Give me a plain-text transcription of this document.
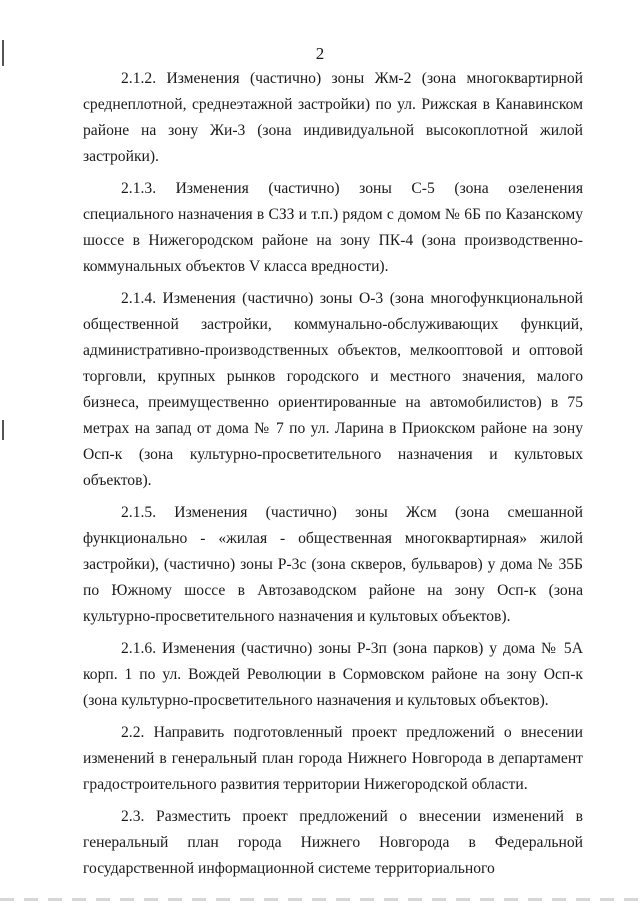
2

2.1.2. Изменения (частично) зоны Жм-2 (зона многоквартирной среднеплотной, среднеэтажной застройки) по ул. Рижская в Канавинском районе на зону Жи-3 (зона индивидуальной высокоплотной жилой застройки).

2.1.3. Изменения (частично) зоны С-5 (зона озеленения специального назначения в СЗЗ и т.п.) рядом с домом № 6Б по Казанскому шоссе в Нижегородском районе на зону ПК-4 (зона производственно-коммунальных объектов V класса вредности).

2.1.4. Изменения (частично) зоны О-3 (зона многофункциональной общественной застройки, коммунально-обслуживающих функций, административно-производственных объектов, мелкооптовой и оптовой торговли, крупных рынков городского и местного значения, малого бизнеса, преимущественно ориентированные на автомобилистов) в 75 метрах на запад от дома № 7 по ул. Ларина в Приокском районе на зону Осп-к (зона культурно-просветительного назначения и культовых объектов).

2.1.5. Изменения (частично) зоны Жсм (зона смешанной функционально - «жилая - общественная многоквартирная» жилой застройки), (частично) зоны Р-3с (зона скверов, бульваров) у дома № 35Б по Южному шоссе в Автозаводском районе на зону Осп-к (зона культурно-просветительного назначения и культовых объектов).

2.1.6. Изменения (частично) зоны Р-3п (зона парков) у дома № 5А корп. 1 по ул. Вождей Революции в Сормовском районе на зону Осп-к (зона культурно-просветительного назначения и культовых объектов).

2.2. Направить подготовленный проект предложений о внесении изменений в генеральный план города Нижнего Новгорода в департамент градостроительного развития территории Нижегородской области.

2.3. Разместить проект предложений о внесении изменений в генеральный план города Нижнего Новгорода в Федеральной государственной информационной системе территориального
